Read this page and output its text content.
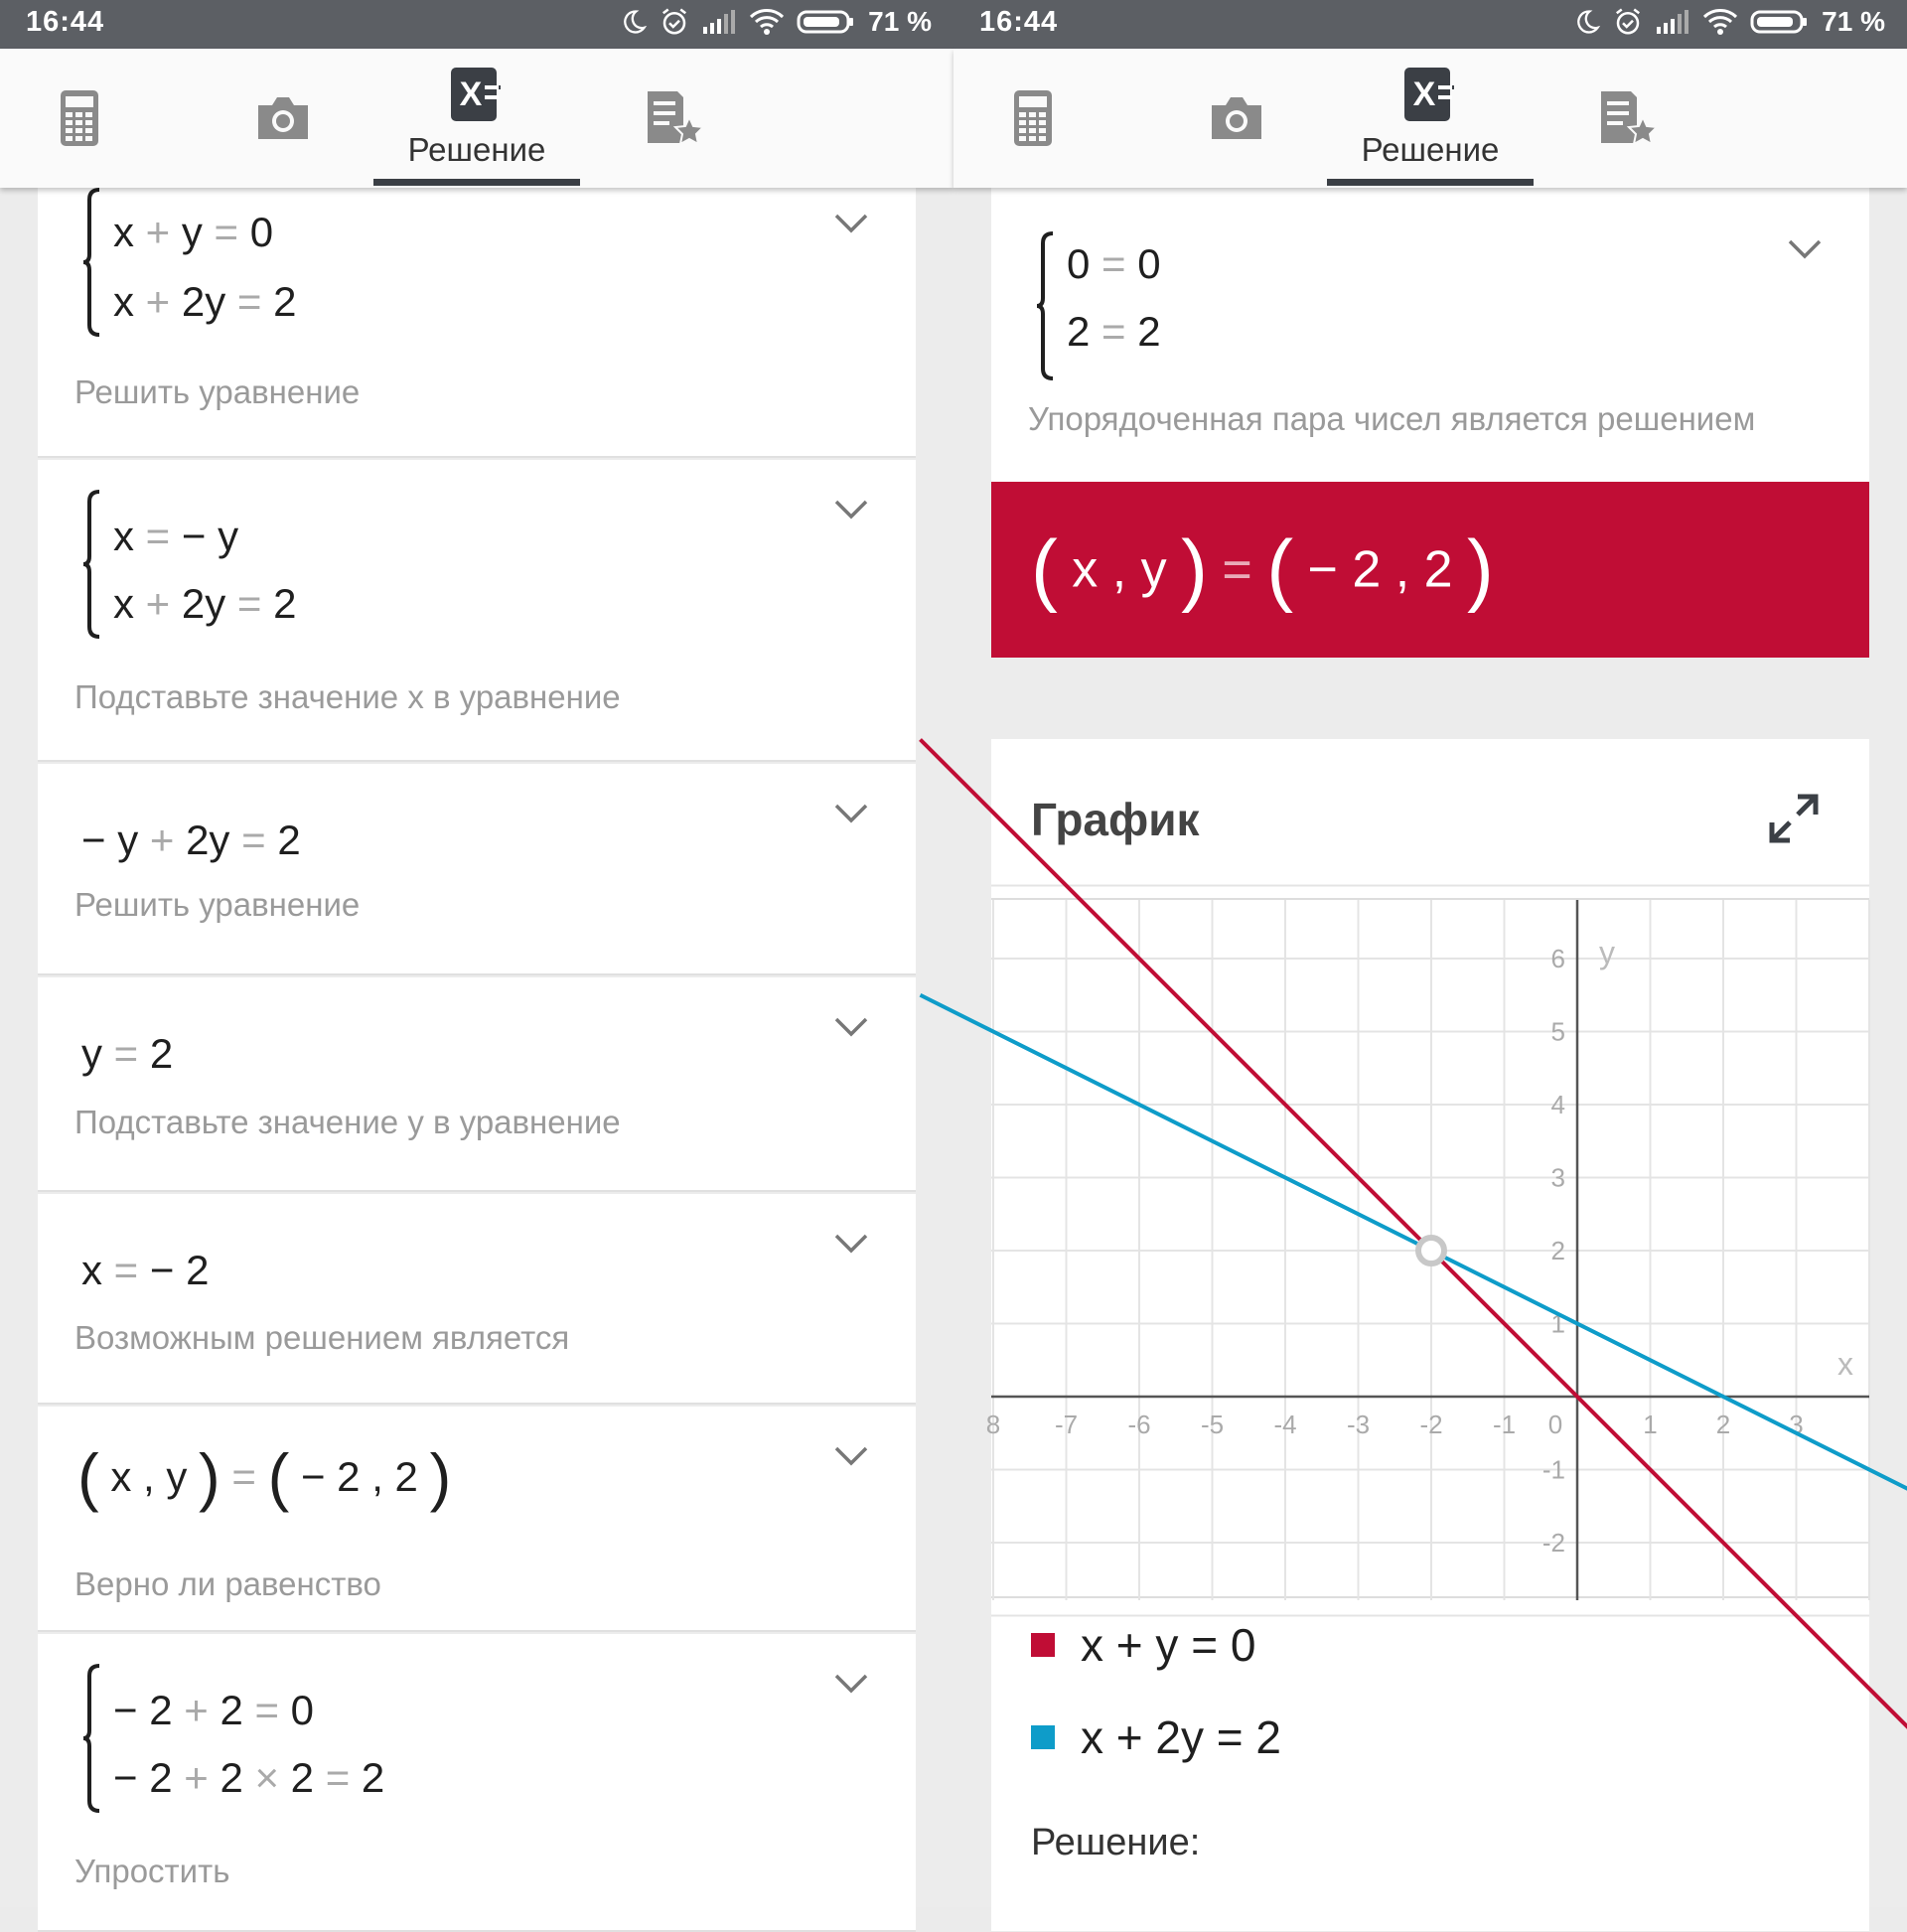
16:44	71 %
X
Решение
x + y = 0
x + 2y = 2
Решить уравнение
x = − y
x + 2y = 2
Подставьте значение x в уравнение
− y + 2y = 2
Решить уравнение
y = 2
Подставьте значение y в уравнение
x = − 2
Возможным решением является
( x , y ) = ( − 2 , 2 )
Верно ли равенство
− 2 + 2 = 0
− 2 + 2 × 2 = 2
Упростить
16:44	71 %
X
Решение
0 = 0
2 = 2
Упорядоченная пара чисел является решением
( x , y ) = ( − 2 , 2 )
График
8 -7 -6 -5 -4 -3 -2 -1 0	1 2 3
6
5
4
3
2
1
-1
-2
x
y
x + y = 0
x + 2y = 2
Решение:
